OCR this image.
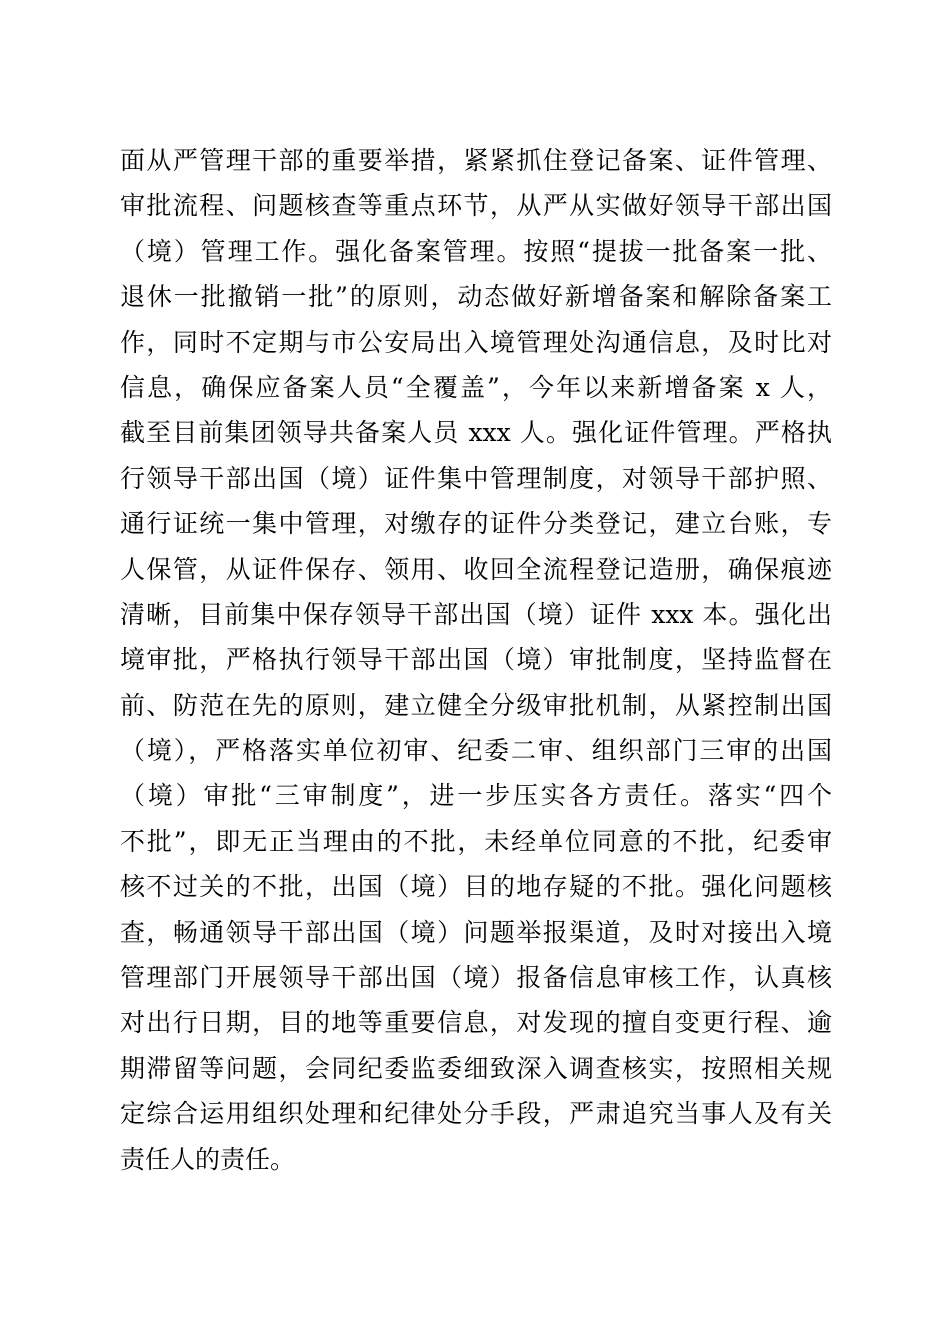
面从严管理干部的重要举措，紧紧抓住登记备案、证件管理、
审批流程、问题核查等重点环节，从严从实做好领导干部出国
（境）管理工作。强化备案管理。按照“提拔一批备案一批、
退休一批撤销一批”的原则，动态做好新增备案和解除备案工
作，同时不定期与市公安局出入境管理处沟通信息，及时比对
信息，确保应备案人员“全覆盖”，今年以来新增备案 x 人，
截至目前集团领导共备案人员 xxx 人。强化证件管理。严格执
行领导干部出国（境）证件集中管理制度，对领导干部护照、
通行证统一集中管理，对缴存的证件分类登记，建立台账，专
人保管，从证件保存、领用、收回全流程登记造册，确保痕迹
清晰，目前集中保存领导干部出国（境）证件 xxx 本。强化出
境审批，严格执行领导干部出国（境）审批制度，坚持监督在
前、防范在先的原则，建立健全分级审批机制，从紧控制出国
（境），严格落实单位初审、纪委二审、组织部门三审的出国
（境）审批“三审制度”，进一步压实各方责任。落实“四个
不批”，即无正当理由的不批，未经单位同意的不批，纪委审
核不过关的不批，出国（境）目的地存疑的不批。强化问题核
查，畅通领导干部出国（境）问题举报渠道，及时对接出入境
管理部门开展领导干部出国（境）报备信息审核工作，认真核
对出行日期，目的地等重要信息，对发现的擅自变更行程、逾
期滞留等问题，会同纪委监委细致深入调查核实，按照相关规
定综合运用组织处理和纪律处分手段，严肃追究当事人及有关
责任人的责任。
